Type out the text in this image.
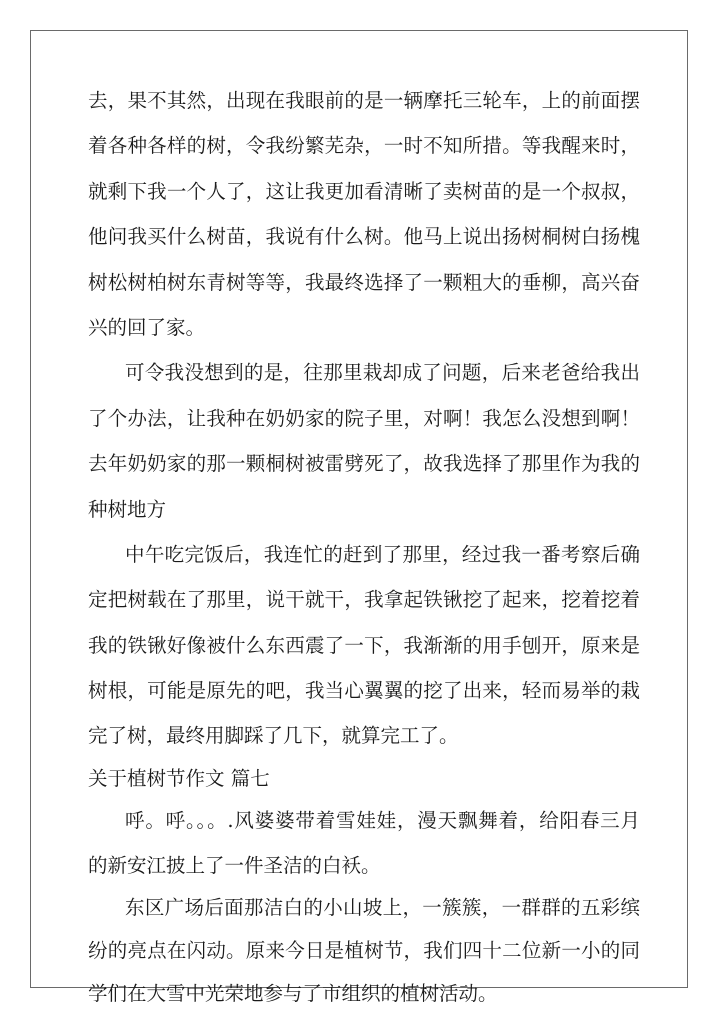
去，果不其然，出现在我眼前的是一辆摩托三轮车，上的前面摆
着各种各样的树，令我纷繁芜杂，一时不知所措。等我醒来时，
就剩下我一个人了，这让我更加看清晰了卖树苗的是一个叔叔，
他问我买什么树苗，我说有什么树。他马上说出扬树桐树白扬槐
树松树柏树东青树等等，我最终选择了一颗粗大的垂柳，高兴奋
兴的回了家。
可令我没想到的是，往那里栽却成了问题，后来老爸给我出
了个办法，让我种在奶奶家的院子里，对啊！我怎么没想到啊！
去年奶奶家的那一颗桐树被雷劈死了，故我选择了那里作为我的
种树地方
中午吃完饭后，我连忙的赶到了那里，经过我一番考察后确
定把树载在了那里，说干就干，我拿起铁锹挖了起来，挖着挖着
我的铁锹好像被什么东西震了一下，我渐渐的用手刨开，原来是
树根，可能是原先的吧，我当心翼翼的挖了出来，轻而易举的栽
完了树，最终用脚踩了几下，就算完工了。
关于植树节作文 篇七
呼。呼。。。.风婆婆带着雪娃娃，漫天飘舞着，给阳春三月
的新安江披上了一件圣洁的白袄。
东区广场后面那洁白的小山坡上，一簇簇，一群群的五彩缤
纷的亮点在闪动。原来今日是植树节，我们四十二位新一小的同
学们在大雪中光荣地参与了市组织的植树活动。
